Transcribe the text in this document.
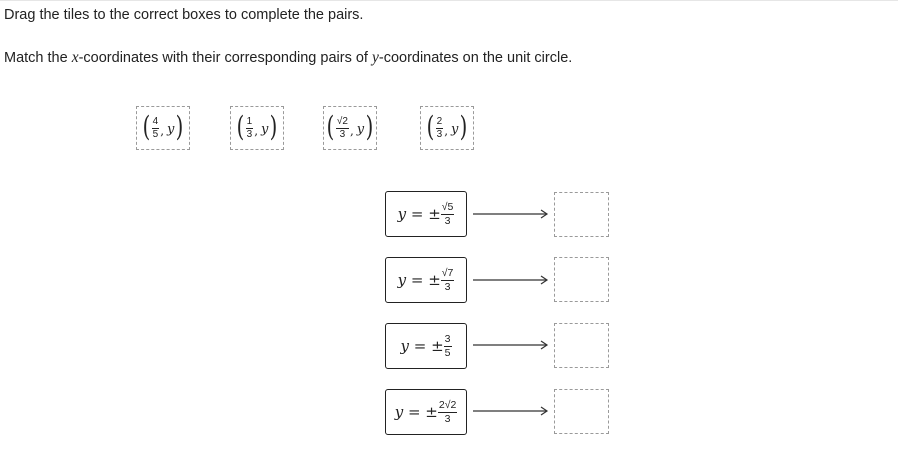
Drag the tiles to the correct boxes to complete the pairs.
Match the x-coordinates with their corresponding pairs of y-coordinates on the unit circle.
( $\frac{4}{5}$ , y ) ( $\frac{1}{3}$ , y ) ( $\frac{√2}{3}$ , y ) ( $\frac{2}{3}$ , y )
y = ± $\frac{√5}{3}$
y = ± $\frac{√7}{3}$
y = ± $\frac{3}{5}$
y = ± $\frac{2√2}{3}$
